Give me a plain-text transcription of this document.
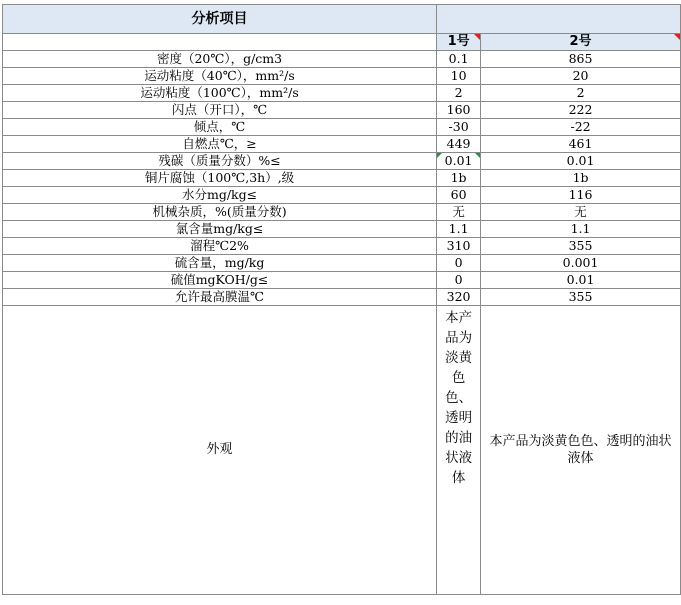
分析项目		
	1号	2号
密度（20℃），g/cm3	0.1	865
运动粘度（40℃），mm²/s	10	20
运动粘度（100℃），mm²/s	2	2
闪点（开口），℃	160	222
倾点，℃	-30	-22
自燃点℃，≥	449	461
残碳（质量分数）%≤	0.01	0.01
铜片腐蚀（100℃,3h）,级	1b	1b
水分mg/kg≤	60	116
机械杂质，%(质量分数)	无	无
氯含量mg/kg≤	1.1	1.1
溜程℃2%	310	355
硫含量，mg/kg	0	0.001
硫值mgKOH/g≤	0	0.01
允许最高膜温℃	320	355
外观	本产品为淡黄色色、透明的油状液体	本产品为淡黄色色、透明的油状液体
